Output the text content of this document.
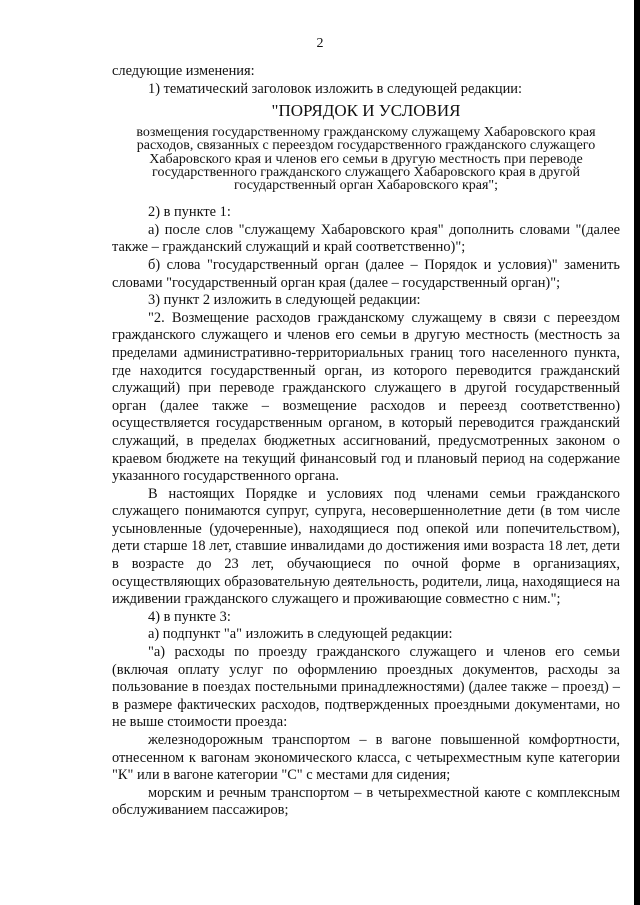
2

следующие изменения:

1) тематический заголовок изложить в следующей редакции:

"ПОРЯДОК И УСЛОВИЯ

возмещения государственному гражданскому служащему Хабаровского края расходов, связанных с переездом государственного гражданского служащего Хабаровского края и членов его семьи в другую местность при переводе государственного гражданского служащего Хабаровского края в другой государственный орган Хабаровского края";

2) в пункте 1:

а) после слов "служащему Хабаровского края" дополнить словами "(далее также – гражданский служащий и край соответственно)";

б) слова "государственный орган (далее – Порядок и условия)" заменить словами "государственный орган края (далее – государственный орган)";

3) пункт 2 изложить в следующей редакции:

"2. Возмещение расходов гражданскому служащему в связи с переездом гражданского служащего и членов его семьи в другую местность (местность за пределами административно-территориальных границ того населенного пункта, где находится государственный орган, из которого переводится гражданский служащий) при переводе гражданского служащего в другой государственный орган (далее также – возмещение расходов и переезд соответственно) осуществляется государственным органом, в который переводится гражданский служащий, в пределах бюджетных ассигнований, предусмотренных законом о краевом бюджете на текущий финансовый год и плановый период на содержание указанного государственного органа.

В настоящих Порядке и условиях под членами семьи гражданского служащего понимаются супруг, супруга, несовершеннолетние дети (в том числе усыновленные (удочеренные), находящиеся под опекой или попечительством), дети старше 18 лет, ставшие инвалидами до достижения ими возраста 18 лет, дети в возрасте до 23 лет, обучающиеся по очной форме в организациях, осуществляющих образовательную деятельность, родители, лица, находящиеся на иждивении гражданского служащего и проживающие совместно с ним.";

4) в пункте 3:

а) подпункт "а" изложить в следующей редакции:

"а) расходы по проезду гражданского служащего и членов его семьи (включая оплату услуг по оформлению проездных документов, расходы за пользование в поездах постельными принадлежностями) (далее также – проезд) – в размере фактических расходов, подтвержденных проездными документами, но не выше стоимости проезда:

железнодорожным транспортом – в вагоне повышенной комфортности, отнесенном к вагонам экономического класса, с четырехместным купе категории "К" или в вагоне категории "С" с местами для сидения;

морским и речным транспортом – в четырехместной каюте с комплексным обслуживанием пассажиров;
